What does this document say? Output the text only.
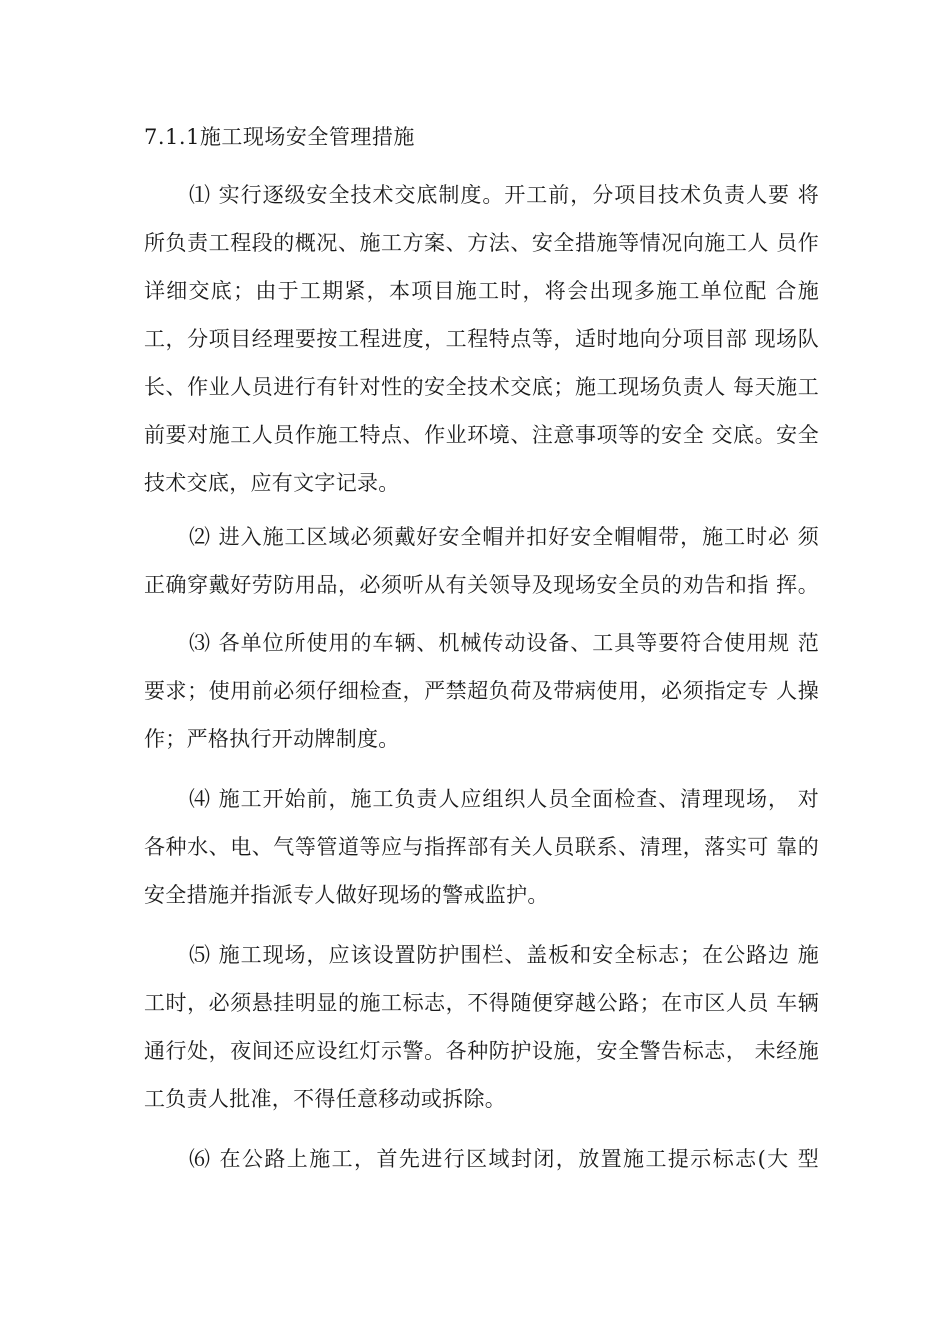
7.1.1施工现场安全管理措施
⑴ 实行逐级安全技术交底制度。开工前，分项目技术负责人要 将
所负责工程段的概况、施工方案、方法、安全措施等情况向施工人 员作
详细交底；由于工期紧，本项目施工时，将会出现多施工单位配 合施
工，分项目经理要按工程进度，工程特点等，适时地向分项目部 现场队
长、作业人员进行有针对性的安全技术交底；施工现场负责人 每天施工
前要对施工人员作施工特点、作业环境、注意事项等的安全 交底。安全
技术交底，应有文字记录。
⑵ 进入施工区域必须戴好安全帽并扣好安全帽帽带，施工时必 须
正确穿戴好劳防用品，必须听从有关领导及现场安全员的劝告和指 挥。
⑶ 各单位所使用的车辆、机械传动设备、工具等要符合使用规 范
要求；使用前必须仔细检查，严禁超负荷及带病使用，必须指定专 人操
作；严格执行开动牌制度。
⑷ 施工开始前，施工负责人应组织人员全面检查、清理现场， 对
各种水、电、气等管道等应与指挥部有关人员联系、清理，落实可 靠的
安全措施并指派专人做好现场的警戒监护。
⑸ 施工现场，应该设置防护围栏、盖板和安全标志；在公路边 施
工时，必须悬挂明显的施工标志，不得随便穿越公路；在市区人员 车辆
通行处，夜间还应设红灯示警。各种防护设施，安全警告标志， 未经施
工负责人批准，不得任意移动或拆除。
⑹ 在公路上施工，首先进行区域封闭，放置施工提示标志(大 型
